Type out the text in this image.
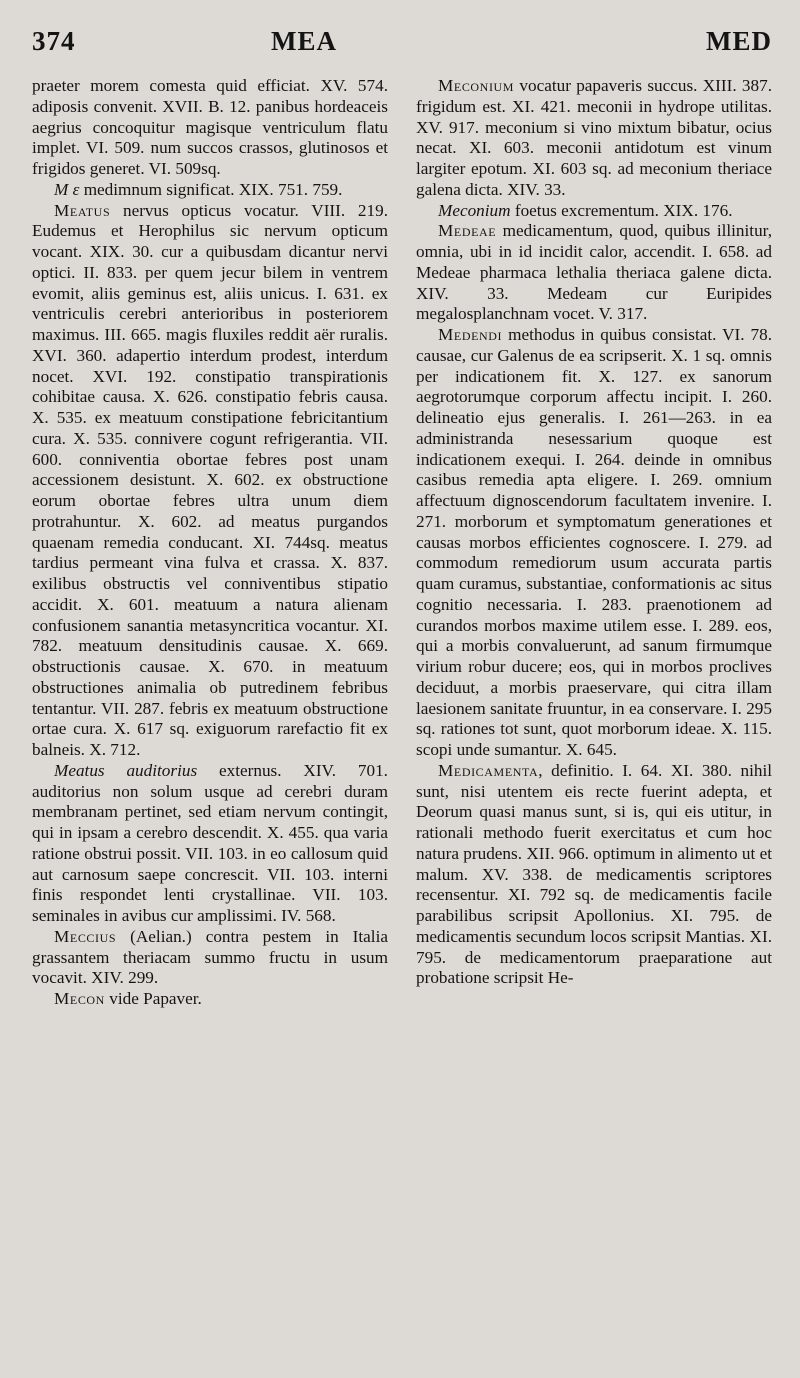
374	MEA	MED

praeter morem comesta quid efficiat. XV. 574. adiposis convenit. XVII. B. 12. panibus hordeaceis aegrius concoquitur magisque ventriculum flatu implet. VI. 509. num succos crassos, glutinosos et frigidos generet. VI. 509sq.

Μ ε medimnum significat. XIX. 751. 759.

Meatus nervus opticus vocatur. VIII. 219. Eudemus et Herophilus sic nervum opticum vocant. XIX. 30. cur a quibusdam dicantur nervi optici. II. 833. per quem jecur bilem in ventrem evomit, aliis geminus est, aliis unicus. I. 631. ex ventriculis cerebri anterioribus in posteriorem maximus. III. 665. magis fluxiles reddit aër ruralis. XVI. 360. adapertio interdum prodest, interdum nocet. XVI. 192. constipatio transpirationis cohibitae causa. X. 626. constipatio febris causa. X. 535. ex meatuum constipatione febricitantium cura. X. 535. connivere cogunt refrigerantia. VII. 600. conniventia obortae febres post unam accessionem desistunt. X. 602. ex obstructione eorum obortae febres ultra unum diem protrahuntur. X. 602. ad meatus purgandos quaenam remedia conducant. XI. 744sq. meatus tardius permeant vina fulva et crassa. X. 837. exilibus obstructis vel conniventibus stipatio accidit. X. 601. meatuum a natura alienam confusionem sanantia metasyncritica vocantur. XI. 782. meatuum densitudinis causae. X. 669. obstructionis causae. X. 670. in meatuum obstructiones animalia ob putredinem febribus tentantur. VII. 287. febris ex meatuum obstructione ortae cura. X. 617 sq. exiguorum rarefactio fit ex balneis. X. 712.

Meatus auditorius externus. XIV. 701. auditorius non solum usque ad cerebri duram membranam pertinet, sed etiam nervum contingit, qui in ipsam a cerebro descendit. X. 455. qua varia ratione obstrui possit. VII. 103. in eo callosum quid aut carnosum saepe concrescit. VII. 103. interni finis respondet lenti crystallinae. VII. 103. seminales in avibus cur amplissimi. IV. 568.

Meccius (Aelian.) contra pestem in Italia grassantem theriacam summo fructu in usum vocavit. XIV. 299.

Mecon vide Papaver.

Meconium vocatur papaveris succus. XIII. 387. frigidum est. XI. 421. meconii in hydrope utilitas. XV. 917. meconium si vino mixtum bibatur, ocius necat. XI. 603. meconii antidotum est vinum largiter epotum. XI. 603 sq. ad meconium theriace galena dicta. XIV. 33.

Meconium foetus excrementum. XIX. 176.

Medeae medicamentum, quod, quibus illinitur, omnia, ubi in id incidit calor, accendit. I. 658. ad Medeae pharmaca lethalia theriaca galene dicta. XIV. 33. Medeam cur Euripides megalosplanchnam vocet. V. 317.

Medendi methodus in quibus consistat. VI. 78. causae, cur Galenus de ea scripserit. X. 1 sq. omnis per indicationem fit. X. 127. ex sanorum aegrotorumque corporum affectu incipit. I. 260. delineatio ejus generalis. I. 261—263. in ea administranda nesessarium quoque est indicationem exequi. I. 264. deinde in omnibus casibus remedia apta eligere. I. 269. omnium affectuum dignoscendorum facultatem invenire. I. 271. morborum et symptomatum generationes et causas morbos efficientes cognoscere. I. 279. ad commodum remediorum usum accurata partis quam curamus, substantiae, conformationis ac situs cognitio necessaria. I. 283. praenotionem ad curandos morbos maxime utilem esse. I. 289. eos, qui a morbis convaluerunt, ad sanum firmumque virium robur ducere; eos, qui in morbos proclives deciduut, a morbis praeservare, qui citra illam laesionem sanitate fruuntur, in ea conservare. I. 295 sq. rationes tot sunt, quot morborum ideae. X. 115. scopi unde sumantur. X. 645.

Medicamenta, definitio. I. 64. XI. 380. nihil sunt, nisi utentem eis recte fuerint adepta, et Deorum quasi manus sunt, si is, qui eis utitur, in rationali methodo fuerit exercitatus et cum hoc natura prudens. XII. 966. optimum in alimento ut et malum. XV. 338. de medicamentis scriptores recensentur. XI. 792 sq. de medicamentis facile parabilibus scripsit Apollonius. XI. 795. de medicamentis secundum locos scripsit Mantias. XI. 795. de medicamentorum praeparatione aut probatione scripsit He-
